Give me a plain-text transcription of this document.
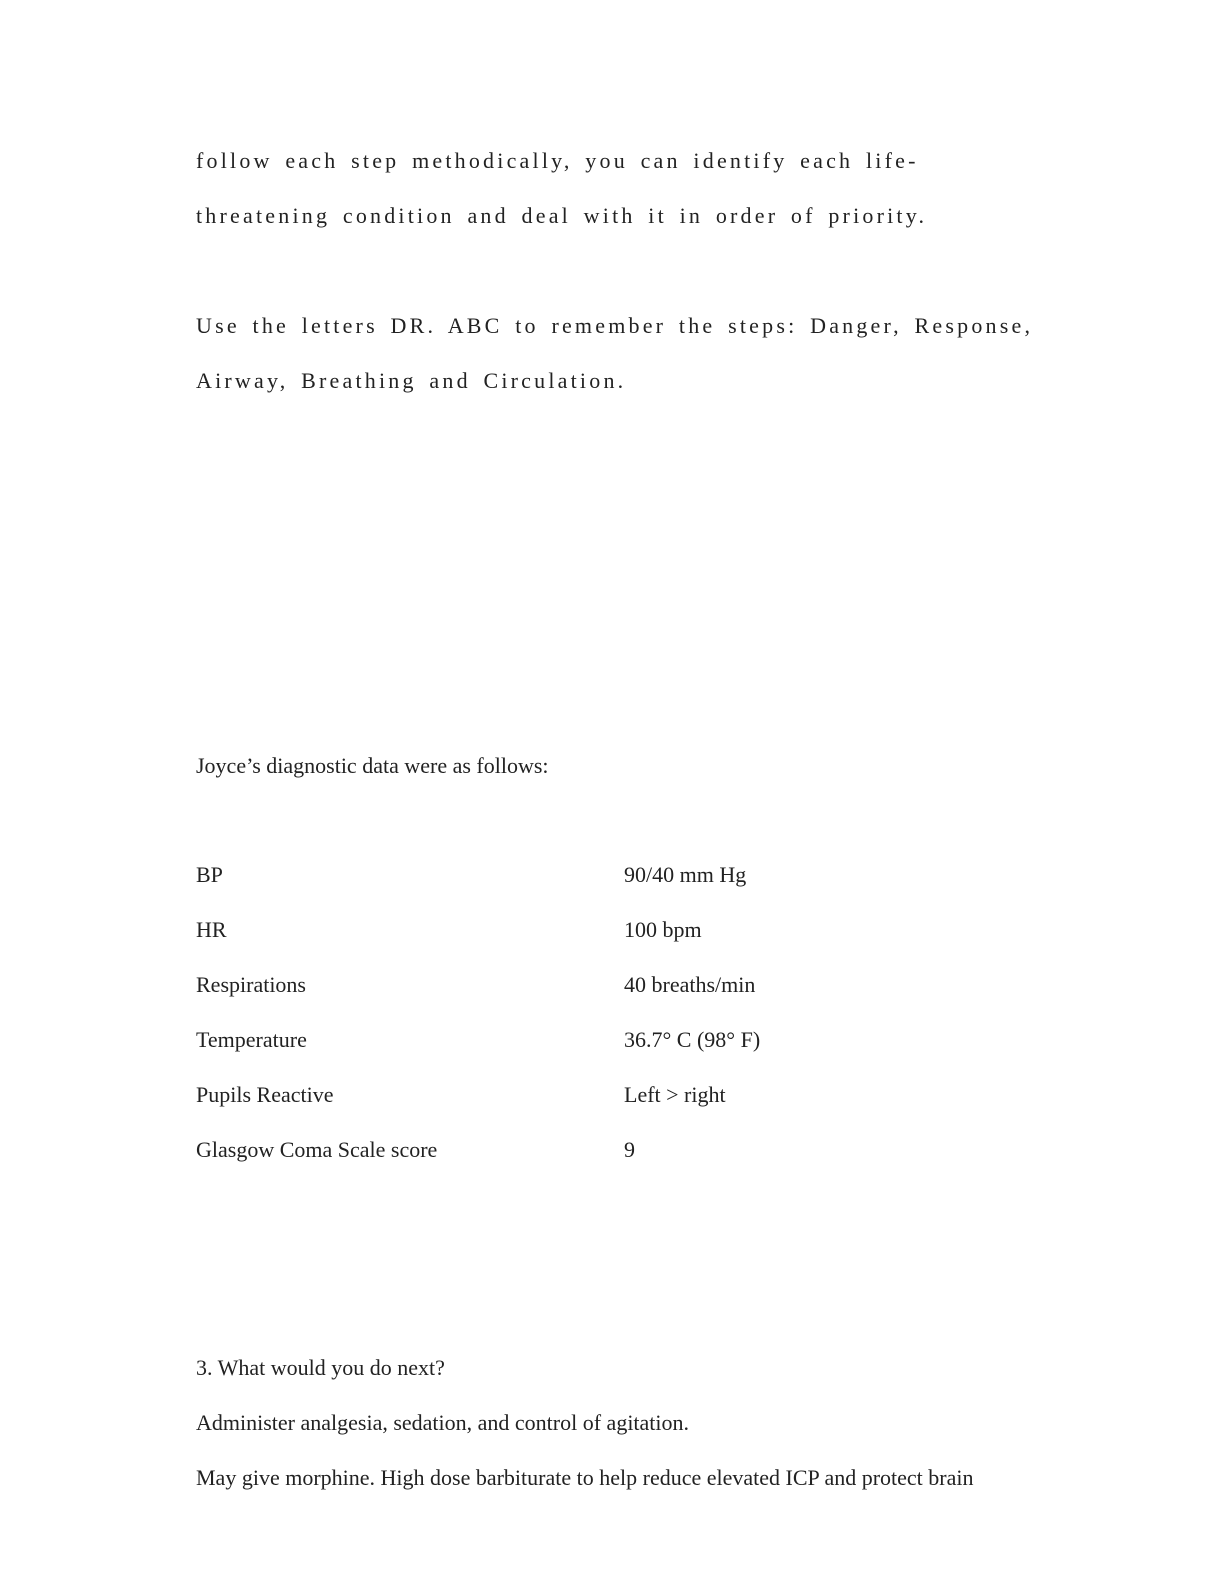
follow each step methodically, you can identify each life-
threatening condition and deal with it in order of priority.
Use the letters DR. ABC to remember the steps: Danger, Response,
Airway, Breathing and Circulation.
Joyce’s diagnostic data were as follows:
BP	90/40 mm Hg
HR	100 bpm
Respirations	40 breaths/min
Temperature	36.7° C (98° F)
Pupils Reactive	Left > right
Glasgow Coma Scale score	9
3. What would you do next?
Administer analgesia, sedation, and control of agitation.
May give morphine. High dose barbiturate to help reduce elevated ICP and protect brain
